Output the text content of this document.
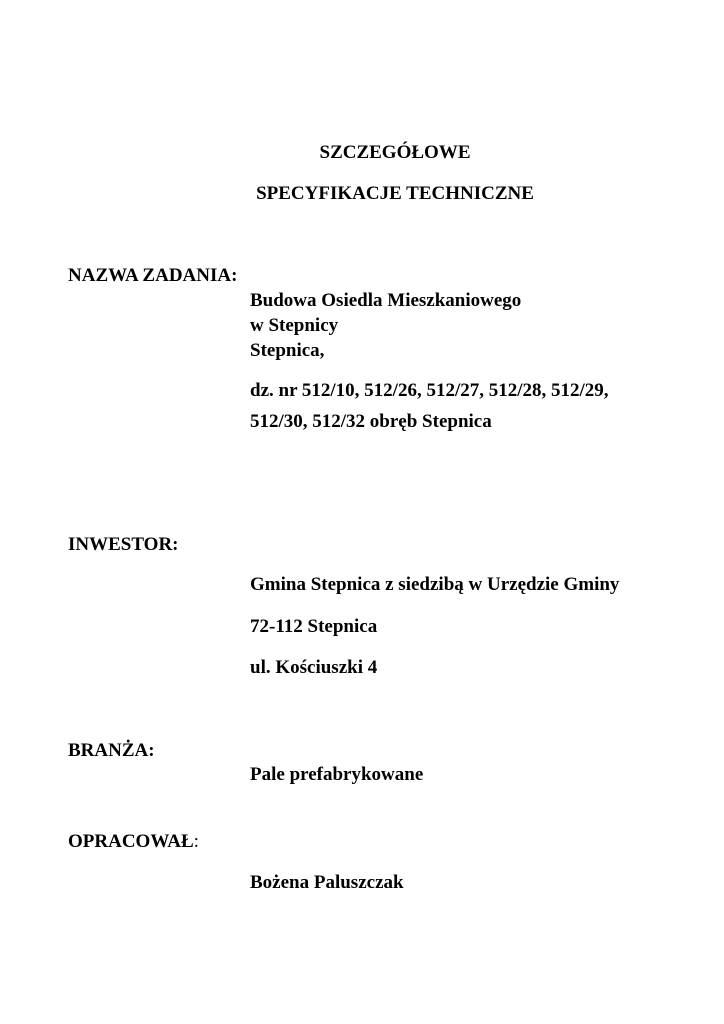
SZCZEGÓŁOWE
SPECYFIKACJE TECHNICZNE
NAZWA ZADANIA:
Budowa Osiedla Mieszkaniowego
w Stepnicy
Stepnica,
dz. nr 512/10, 512/26, 512/27, 512/28, 512/29,
512/30, 512/32 obręb Stepnica
INWESTOR:
Gmina Stepnica z siedzibą w Urzędzie Gminy
72-112 Stepnica
ul. Kościuszki 4
BRANŻA:
Pale prefabrykowane
OPRACOWAŁ:
Bożena Paluszczak
